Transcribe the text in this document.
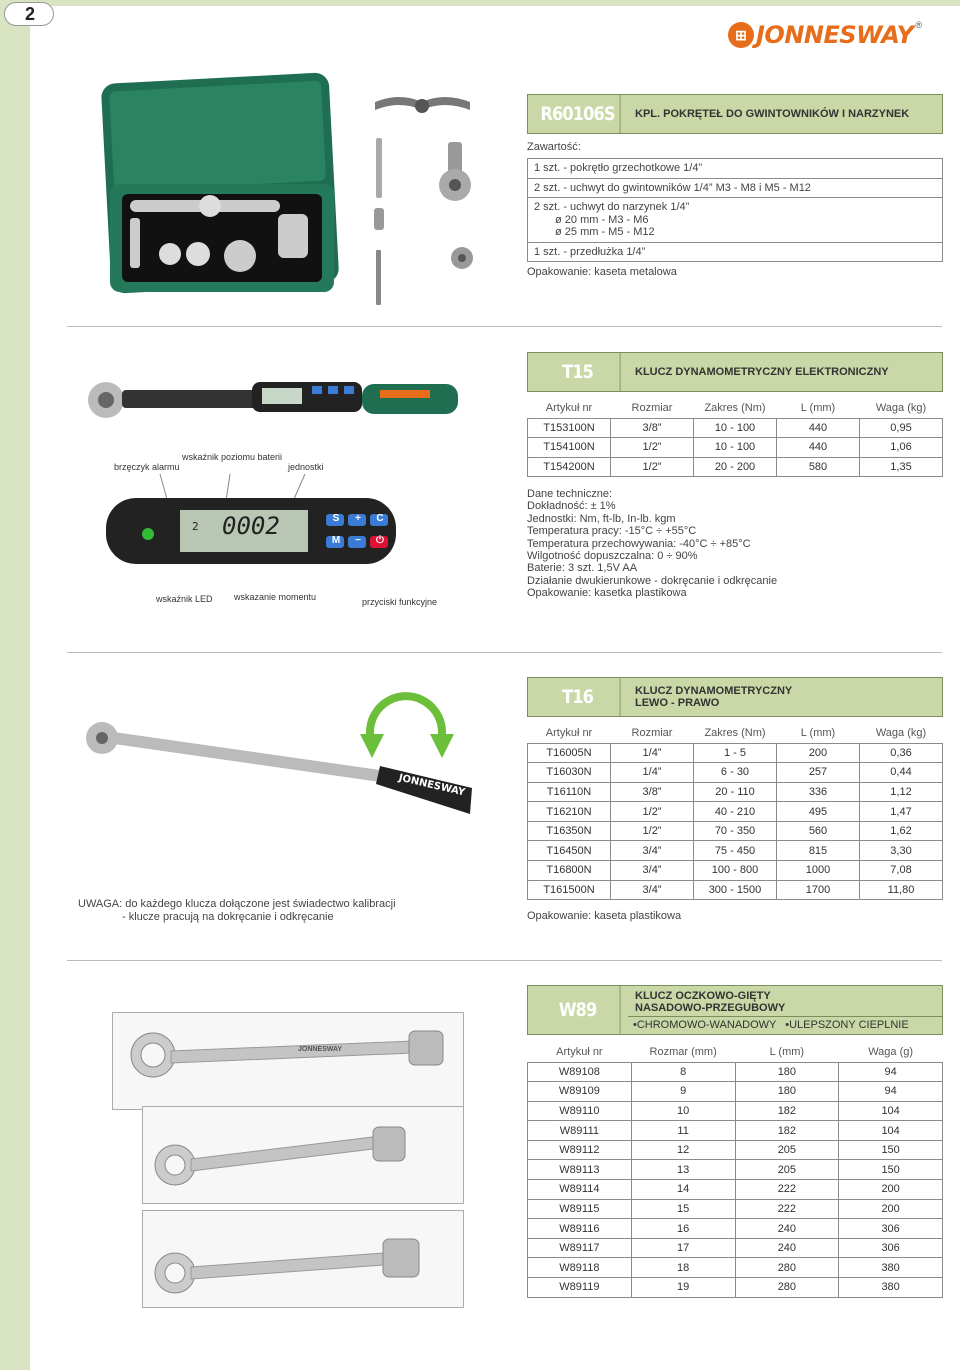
2
⊞ JONNESWAY ®
R60106S	KPL. POKRĘTEŁ DO GWINTOWNIKÓW I NARZYNEK
Zawartość:
1 szt. - pokrętło grzechotkowe 1/4”
2 szt. - uchwyt do gwintowników 1/4” M3 - M8 i M5 - M12
2 szt. - uchwyt do narzynek 1/4”
ø 20 mm - M3 - M6
ø 25 mm - M5 - M12
1 szt. - przedłużka 1/4”
Opakowanie: kaseta metalowa
brzęczyk alarmu
wskaźnik poziomu baterii
jednostki
2 0002	S	+	C
M	−	⏻
wskaźnik LED wskazanie momentu	przyciski funkcyjne
T15	KLUCZ DYNAMOMETRYCZNY ELEKTRONICZNY
Artykuł nr	Rozmiar	Zakres (Nm)	L (mm)	Waga (kg)
T153100N	3/8”	10 - 100	440	0,95
T154100N	1/2”	10 - 100	440	1,06
T154200N	1/2”	20 - 200	580	1,35
Dane techniczne:
Dokładność: ± 1%
Jednostki: Nm, ft-lb, In-lb. kgm
Temperatura pracy: -15°C ÷ +55°C
Temperatura przechowywania: -40°C ÷ +85°C
Wilgotność dopuszczalna: 0 ÷ 90%
Baterie: 3 szt. 1,5V AA
Działanie dwukierunkowe - dokręcanie i odkręcanie
Opakowanie: kasetka plastikowa
JONNESWAY
UWAGA: do każdego klucza dołączone jest świadectwo kalibracji
- klucze pracują na dokręcanie i odkręcanie
T16	KLUCZ DYNAMOMETRYCZNY
LEWO - PRAWO
Artykuł nr	Rozmiar	Zakres (Nm)	L (mm)	Waga (kg)
T16005N	1/4”	1 - 5	200	0,36
T16030N	1/4”	6 - 30	257	0,44
T16110N	3/8”	20 - 110	336	1,12
T16210N	1/2”	40 - 210	495	1,47
T16350N	1/2”	70 - 350	560	1,62
T16450N	3/4”	75 - 450	815	3,30
T16800N	3/4”	100 - 800	1000	7,08
T161500N	3/4”	300 - 1500	1700	11,80
Opakowanie: kaseta plastikowa
JONNESWAY
W89
KLUCZ OCZKOWO-GIĘTY
NASADOWO-PRZEGUBOWY
•CHROMOWO-WANADOWY •ULEPSZONY CIEPLNIE
Artykuł nr	Rozmar (mm)	L (mm)	Waga (g)
W89108	8	180	94
W89109	9	180	94
W89110	10	182	104
W89111	11	182	104
W89112	12	205	150
W89113	13	205	150
W89114	14	222	200
W89115	15	222	200
W89116	16	240	306
W89117	17	240	306
W89118	18	280	380
W89119	19	280	380
